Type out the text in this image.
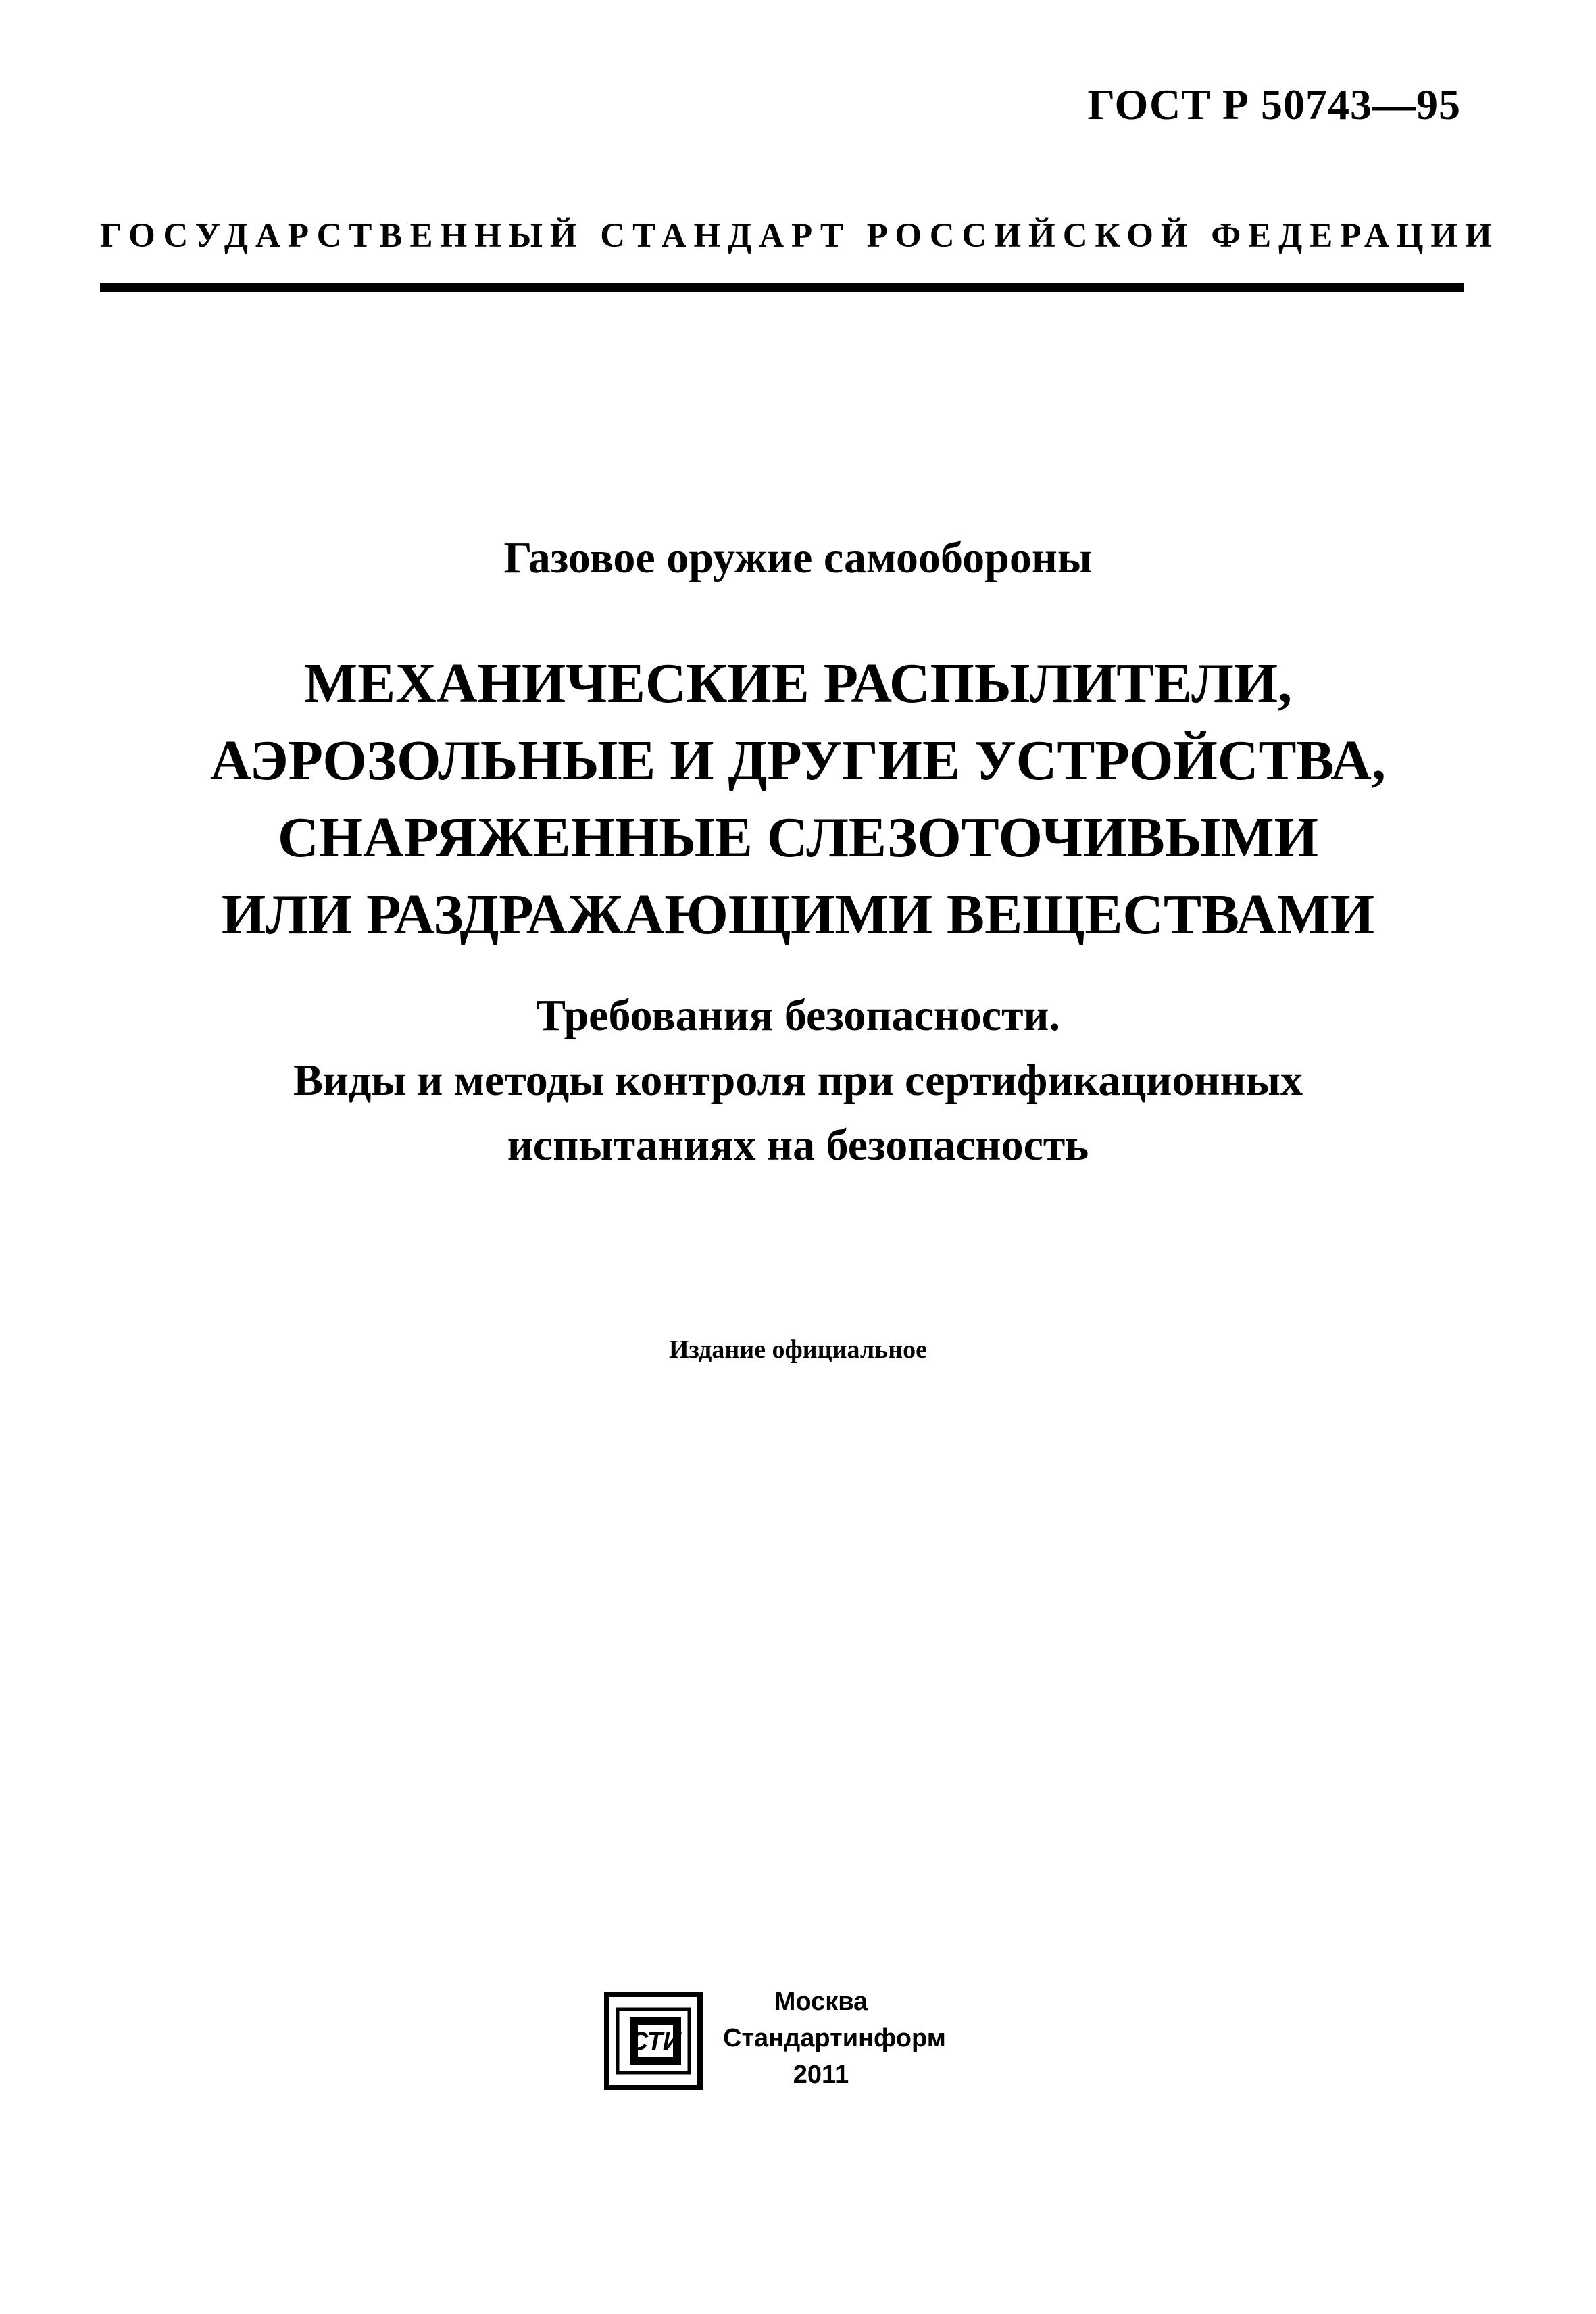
ГОСТ Р 50743—95
ГОСУДАРСТВЕННЫЙ СТАНДАРТ РОССИЙСКОЙ ФЕДЕРАЦИИ
Газовое оружие самообороны
МЕХАНИЧЕСКИЕ РАСПЫЛИТЕЛИ,
АЭРОЗОЛЬНЫЕ И ДРУГИЕ УСТРОЙСТВА,
СНАРЯЖЕННЫЕ СЛЕЗОТОЧИВЫМИ
ИЛИ РАЗДРАЖАЮЩИМИ ВЕЩЕСТВАМИ
Требования безопасности.
Виды и методы контроля при сертификационных
испытаниях на безопасность
Издание официальное
СТИ
Москва
Стандартинформ
2011
